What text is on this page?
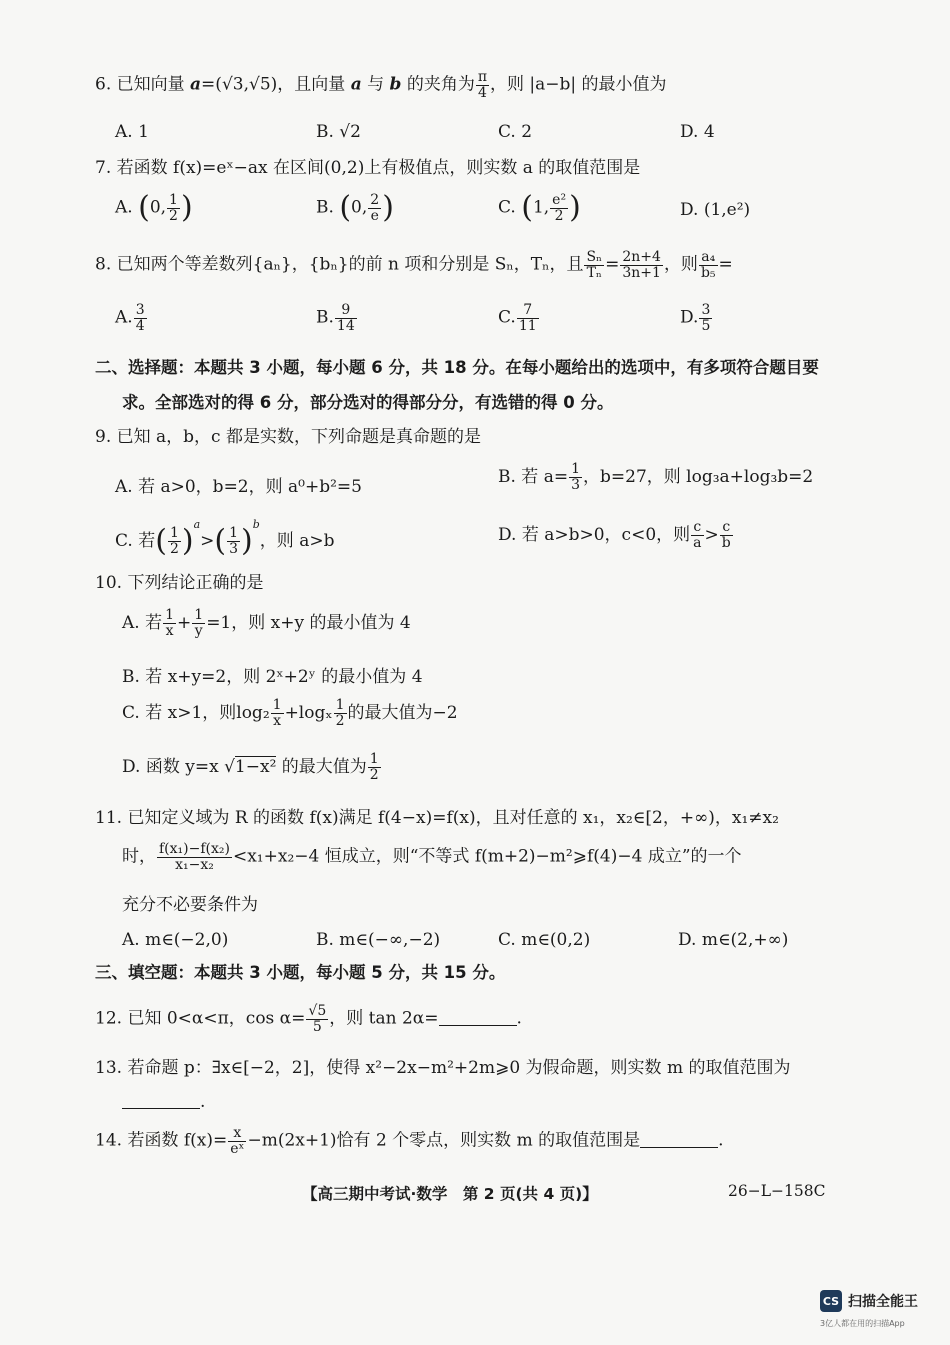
6. 已知向量 a=(√3,√5)，且向量 a 与 b 的夹角为 $\frac{\pi}{4}$ ，则 |a−b| 的最小值为
A. 1	B. √2	C. 2	D. 4
7. 若函数 f(x)=eˣ−ax 在区间(0,2)上有极值点，则实数 a 的取值范围是
A. (0, $\frac{1}{2}$ )	B. (0, $\frac{2}{e}$ )	C. (1, $\frac{\text{e²}}{2}$ )	D. (1,e²)
8. 已知两个等差数列{aₙ}，{bₙ}的前 n 项和分别是 Sₙ，Tₙ，且 $\frac{\text{Sₙ}}{\text{Tₙ}} = \frac{2n+4}{3n+1}$ ，则 $\frac{\text{a₄}}{\text{b₅}}$ =
A. $\frac{3}{4}$	B. $\frac{9}{14}$	C. $\frac{7}{11}$	D. $\frac{3}{5}$
二、选择题：本题共 3 小题，每小题 6 分，共 18 分。在每小题给出的选项中，有多项符合题目要
求。全部选对的得 6 分，部分选对的得部分分，有选错的得 0 分。
9. 已知 a，b，c 都是实数，下列命题是真命题的是
A. 若 a>0，b=2，则 a⁰+b²=5	B. 若 $a= \frac{1}{3}$ ，b=27，则 log₃a+log₃b=2
C. 若( $\frac{1}{2} )^a>( \frac{1}{3} )^b$，则 a>b	D. 若 a>b>0，c<0，则 $\frac{c}{a} > \frac{c}{b}$
10. 下列结论正确的是
A. 若 $\frac{1}{x} + \frac{1}{y} =1$，则 x+y 的最小值为 4
B. 若 x+y=2，则 2ˣ+2ʸ 的最小值为 4
C. 若 x>1，则$\log_2 \frac{1}{x} +\log_x \frac{1}{2}$ 的最大值为−2
D. 函数 y=x √1−x² 的最大值为 $\frac{1}{2}$
11. 已知定义域为 R 的函数 f(x)满足 f(4−x)=f(x)，且对任意的 x₁，x₂∈[2，+∞)，x₁≠x₂
时， $\frac{\text{f(x₁)−f(x₂)}}{\text{x₁−x₂}} <x_1+x_2-4$ 恒成立，则“不等式 f(m+2)−m²⩾f(4)−4 成立”的一个
充分不必要条件为
A. m∈(−2,0)	B. m∈(−∞,−2)	C. m∈(0,2)	D. m∈(2,+∞)
三、填空题：本题共 3 小题，每小题 5 分，共 15 分。
12. 已知 0<α<π，$\cos \alpha= \frac{√5}{5}$ ，则 tan 2α=	.
13. 若命题 p：∃x∈[−2，2]，使得 x²−2x−m²+2m⩾0 为假命题，则实数 m 的取值范围为
.
14. 若函数 $f(x)= \frac{x}{\text{eˣ}} -m(2x+1)$恰有 2 个零点，则实数 m 的取值范围是	.
【高三期中考试·数学　第 2 页(共 4 页)】	26−L−158C
CS 扫描全能王
3亿人都在用的扫描App
